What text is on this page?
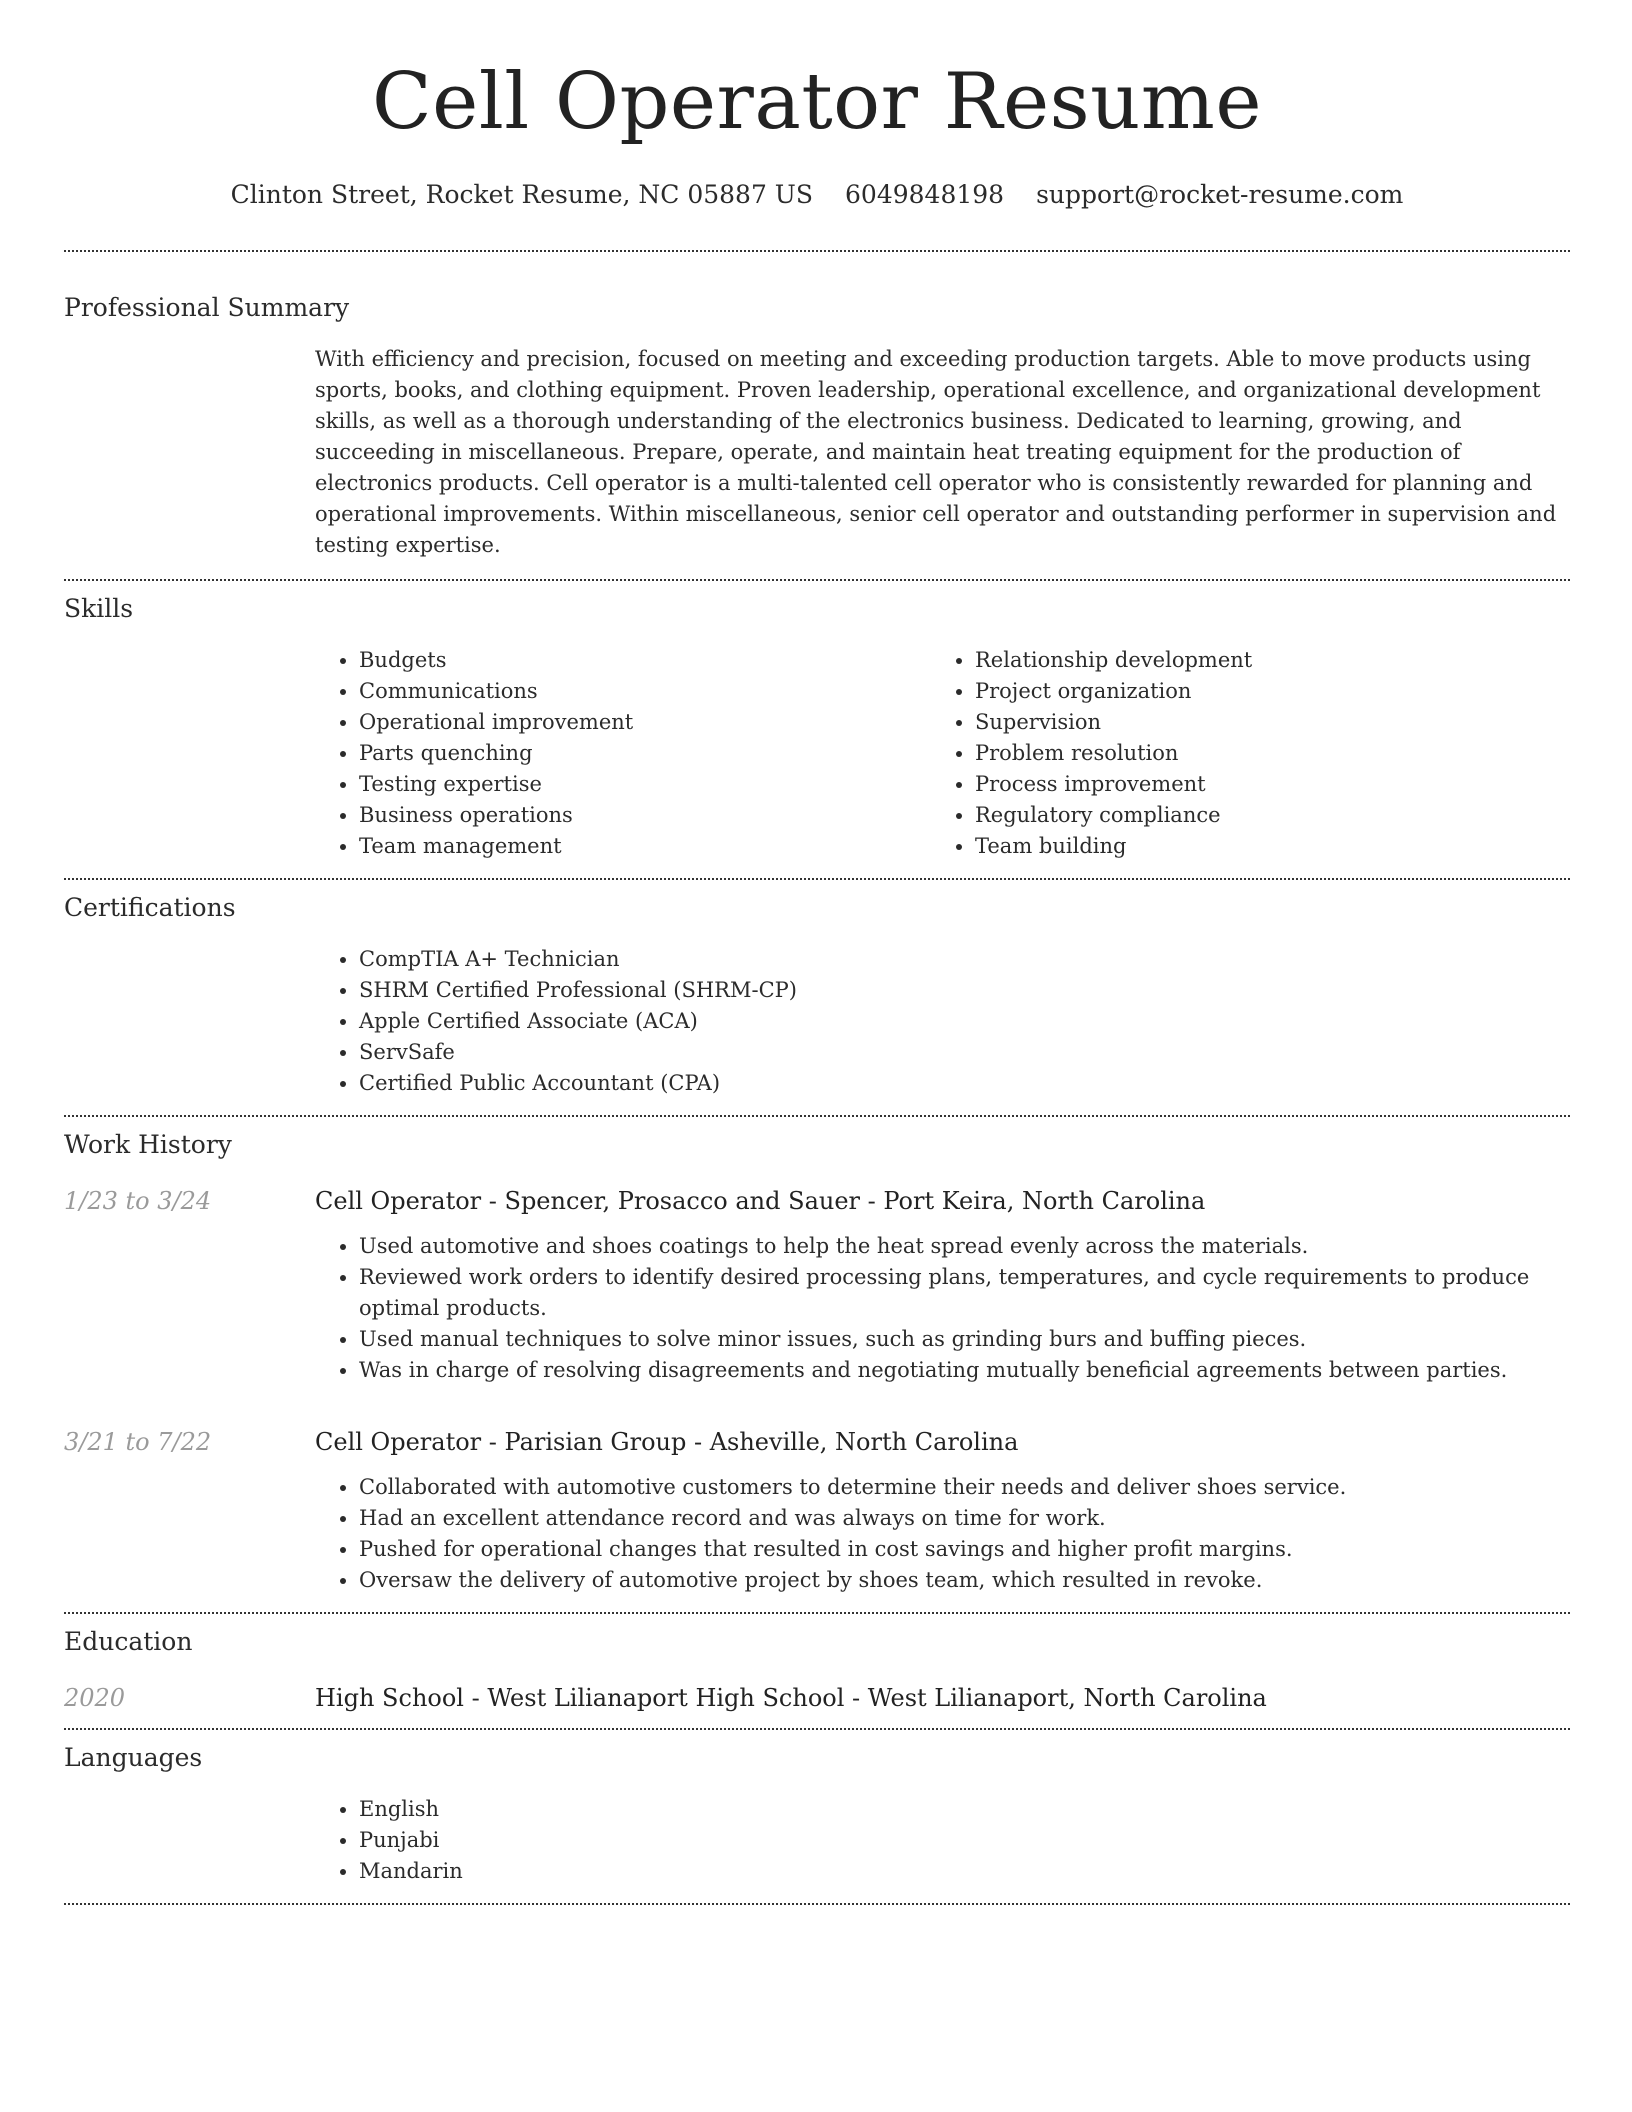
Cell Operator Resume
Clinton Street, Rocket Resume, NC 05887 US 6049848198 support@rocket-resume.com
Professional Summary

With efficiency and precision, focused on meeting and exceeding production targets. Able to move products using sports, books, and clothing equipment. Proven leadership, operational excellence, and organizational development skills, as well as a thorough understanding of the electronics business. Dedicated to learning, growing, and succeeding in miscellaneous. Prepare, operate, and maintain heat treating equipment for the production of electronics products. Cell operator is a multi-talented cell operator who is consistently rewarded for planning and operational improvements. Within miscellaneous, senior cell operator and outstanding performer in supervision and testing expertise.

Skills
• Budgets
• Communications
• Operational improvement
• Parts quenching
• Testing expertise
• Business operations
• Team management
• Relationship development
• Project organization
• Supervision
• Problem resolution
• Process improvement
• Regulatory compliance
• Team building
Certifications
• CompTIA A+ Technician
• SHRM Certified Professional (SHRM-CP)
• Apple Certified Associate (ACA)
• ServSafe
• Certified Public Accountant (CPA)
Work History
1/23 to 3/24	Cell Operator - Spencer, Prosacco and Sauer - Port Keira, North Carolina
• Used automotive and shoes coatings to help the heat spread evenly across the materials.
• Reviewed work orders to identify desired processing plans, temperatures, and cycle requirements to produce optimal products.
• Used manual techniques to solve minor issues, such as grinding burs and buffing pieces.
• Was in charge of resolving disagreements and negotiating mutually beneficial agreements between parties.
3/21 to 7/22	Cell Operator - Parisian Group - Asheville, North Carolina
• Collaborated with automotive customers to determine their needs and deliver shoes service.
• Had an excellent attendance record and was always on time for work.
• Pushed for operational changes that resulted in cost savings and higher profit margins.
• Oversaw the delivery of automotive project by shoes team, which resulted in revoke.
Education
2020	High School - West Lilianaport High School - West Lilianaport, North Carolina
Languages
• English
• Punjabi
• Mandarin
